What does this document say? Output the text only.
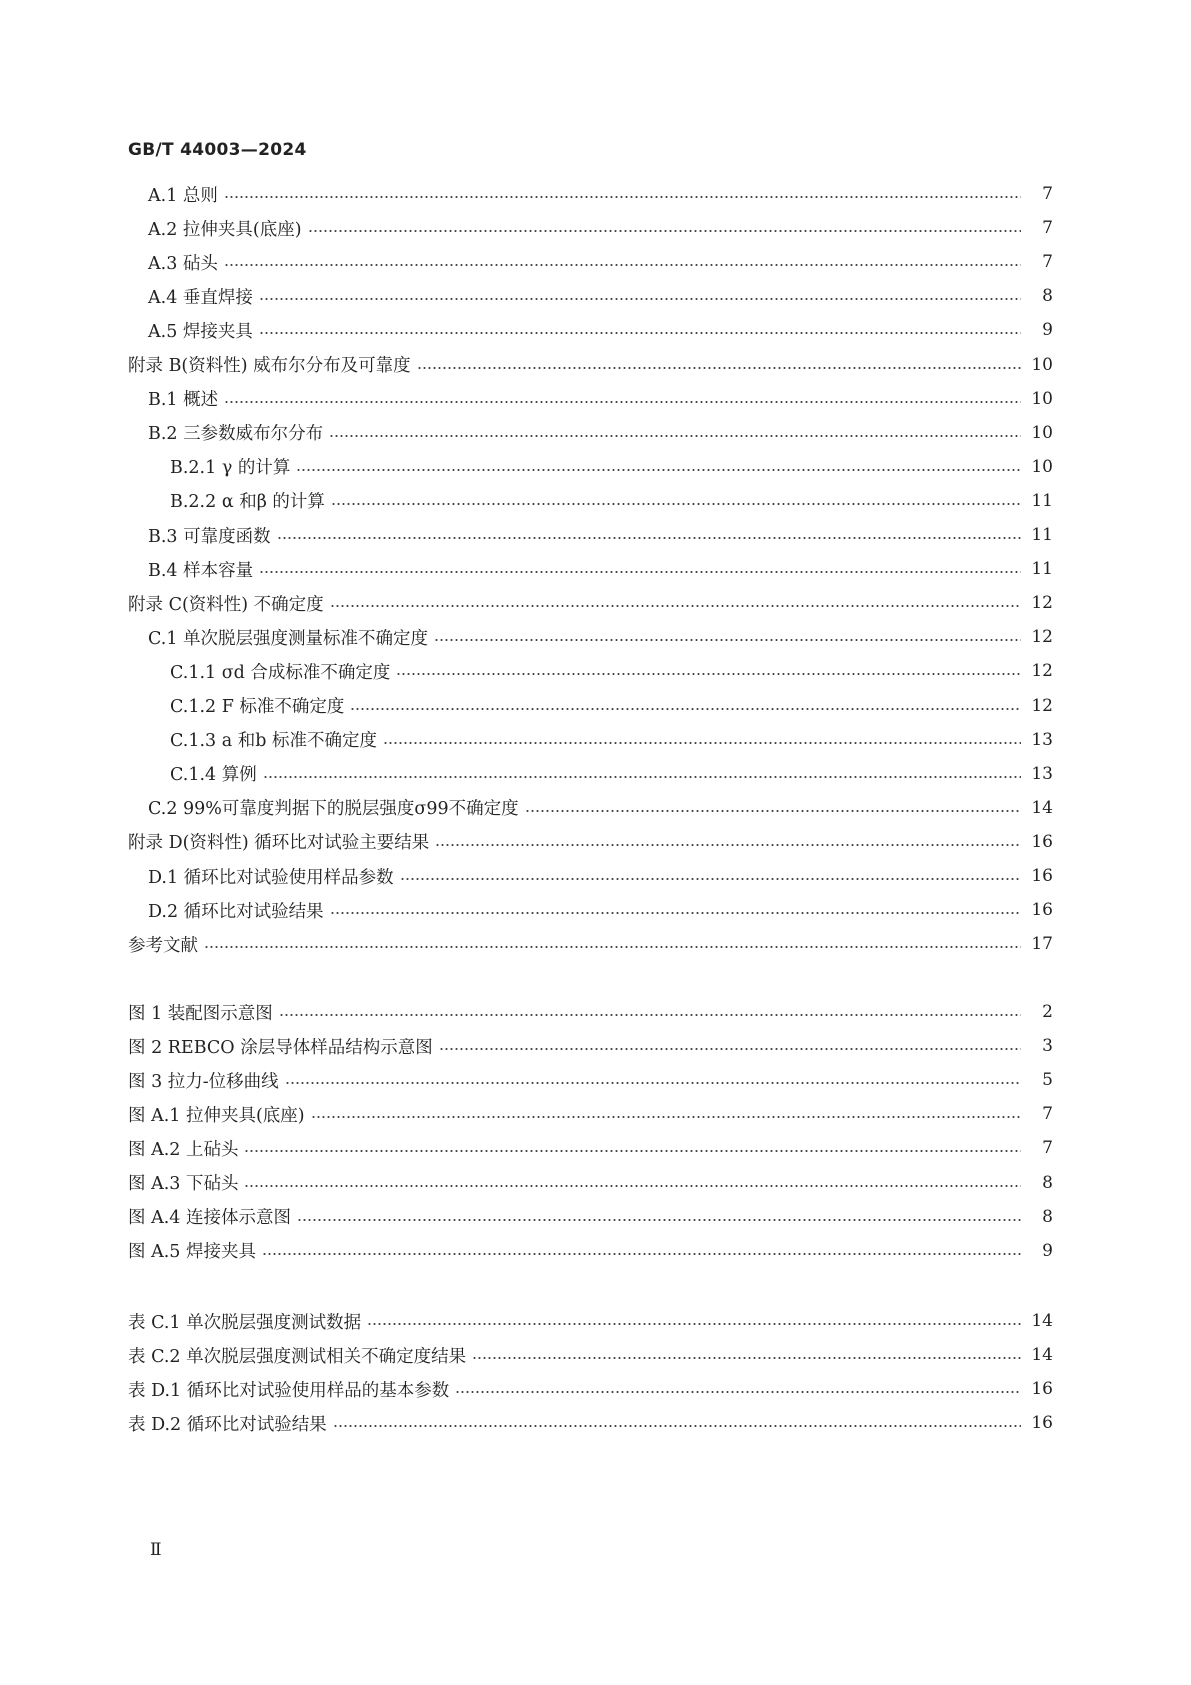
GB/T 44003—2024
A.1 总则	7
A.2 拉伸夹具(底座)	7
A.3 砧头	7
A.4 垂直焊接	8
A.5 焊接夹具	9
附录 B(资料性) 威布尔分布及可靠度	10
B.1 概述	10
B.2 三参数威布尔分布	10
B.2.1 γ 的计算	10
B.2.2 α 和β 的计算	11
B.3 可靠度函数	11
B.4 样本容量	11
附录 C(资料性) 不确定度	12
C.1 单次脱层强度测量标准不确定度	12
C.1.1 σd 合成标准不确定度	12
C.1.2 F 标准不确定度	12
C.1.3 a 和b 标准不确定度	13
C.1.4 算例	13
C.2 99%可靠度判据下的脱层强度σ99不确定度	14
附录 D(资料性) 循环比对试验主要结果	16
D.1 循环比对试验使用样品参数	16
D.2 循环比对试验结果	16
参考文献	17
图 1 装配图示意图	2
图 2 REBCO 涂层导体样品结构示意图	3
图 3 拉力-位移曲线	5
图 A.1 拉伸夹具(底座)	7
图 A.2 上砧头	7
图 A.3 下砧头	8
图 A.4 连接体示意图	8
图 A.5 焊接夹具	9
表 C.1 单次脱层强度测试数据	14
表 C.2 单次脱层强度测试相关不确定度结果	14
表 D.1 循环比对试验使用样品的基本参数	16
表 D.2 循环比对试验结果	16
Ⅱ
